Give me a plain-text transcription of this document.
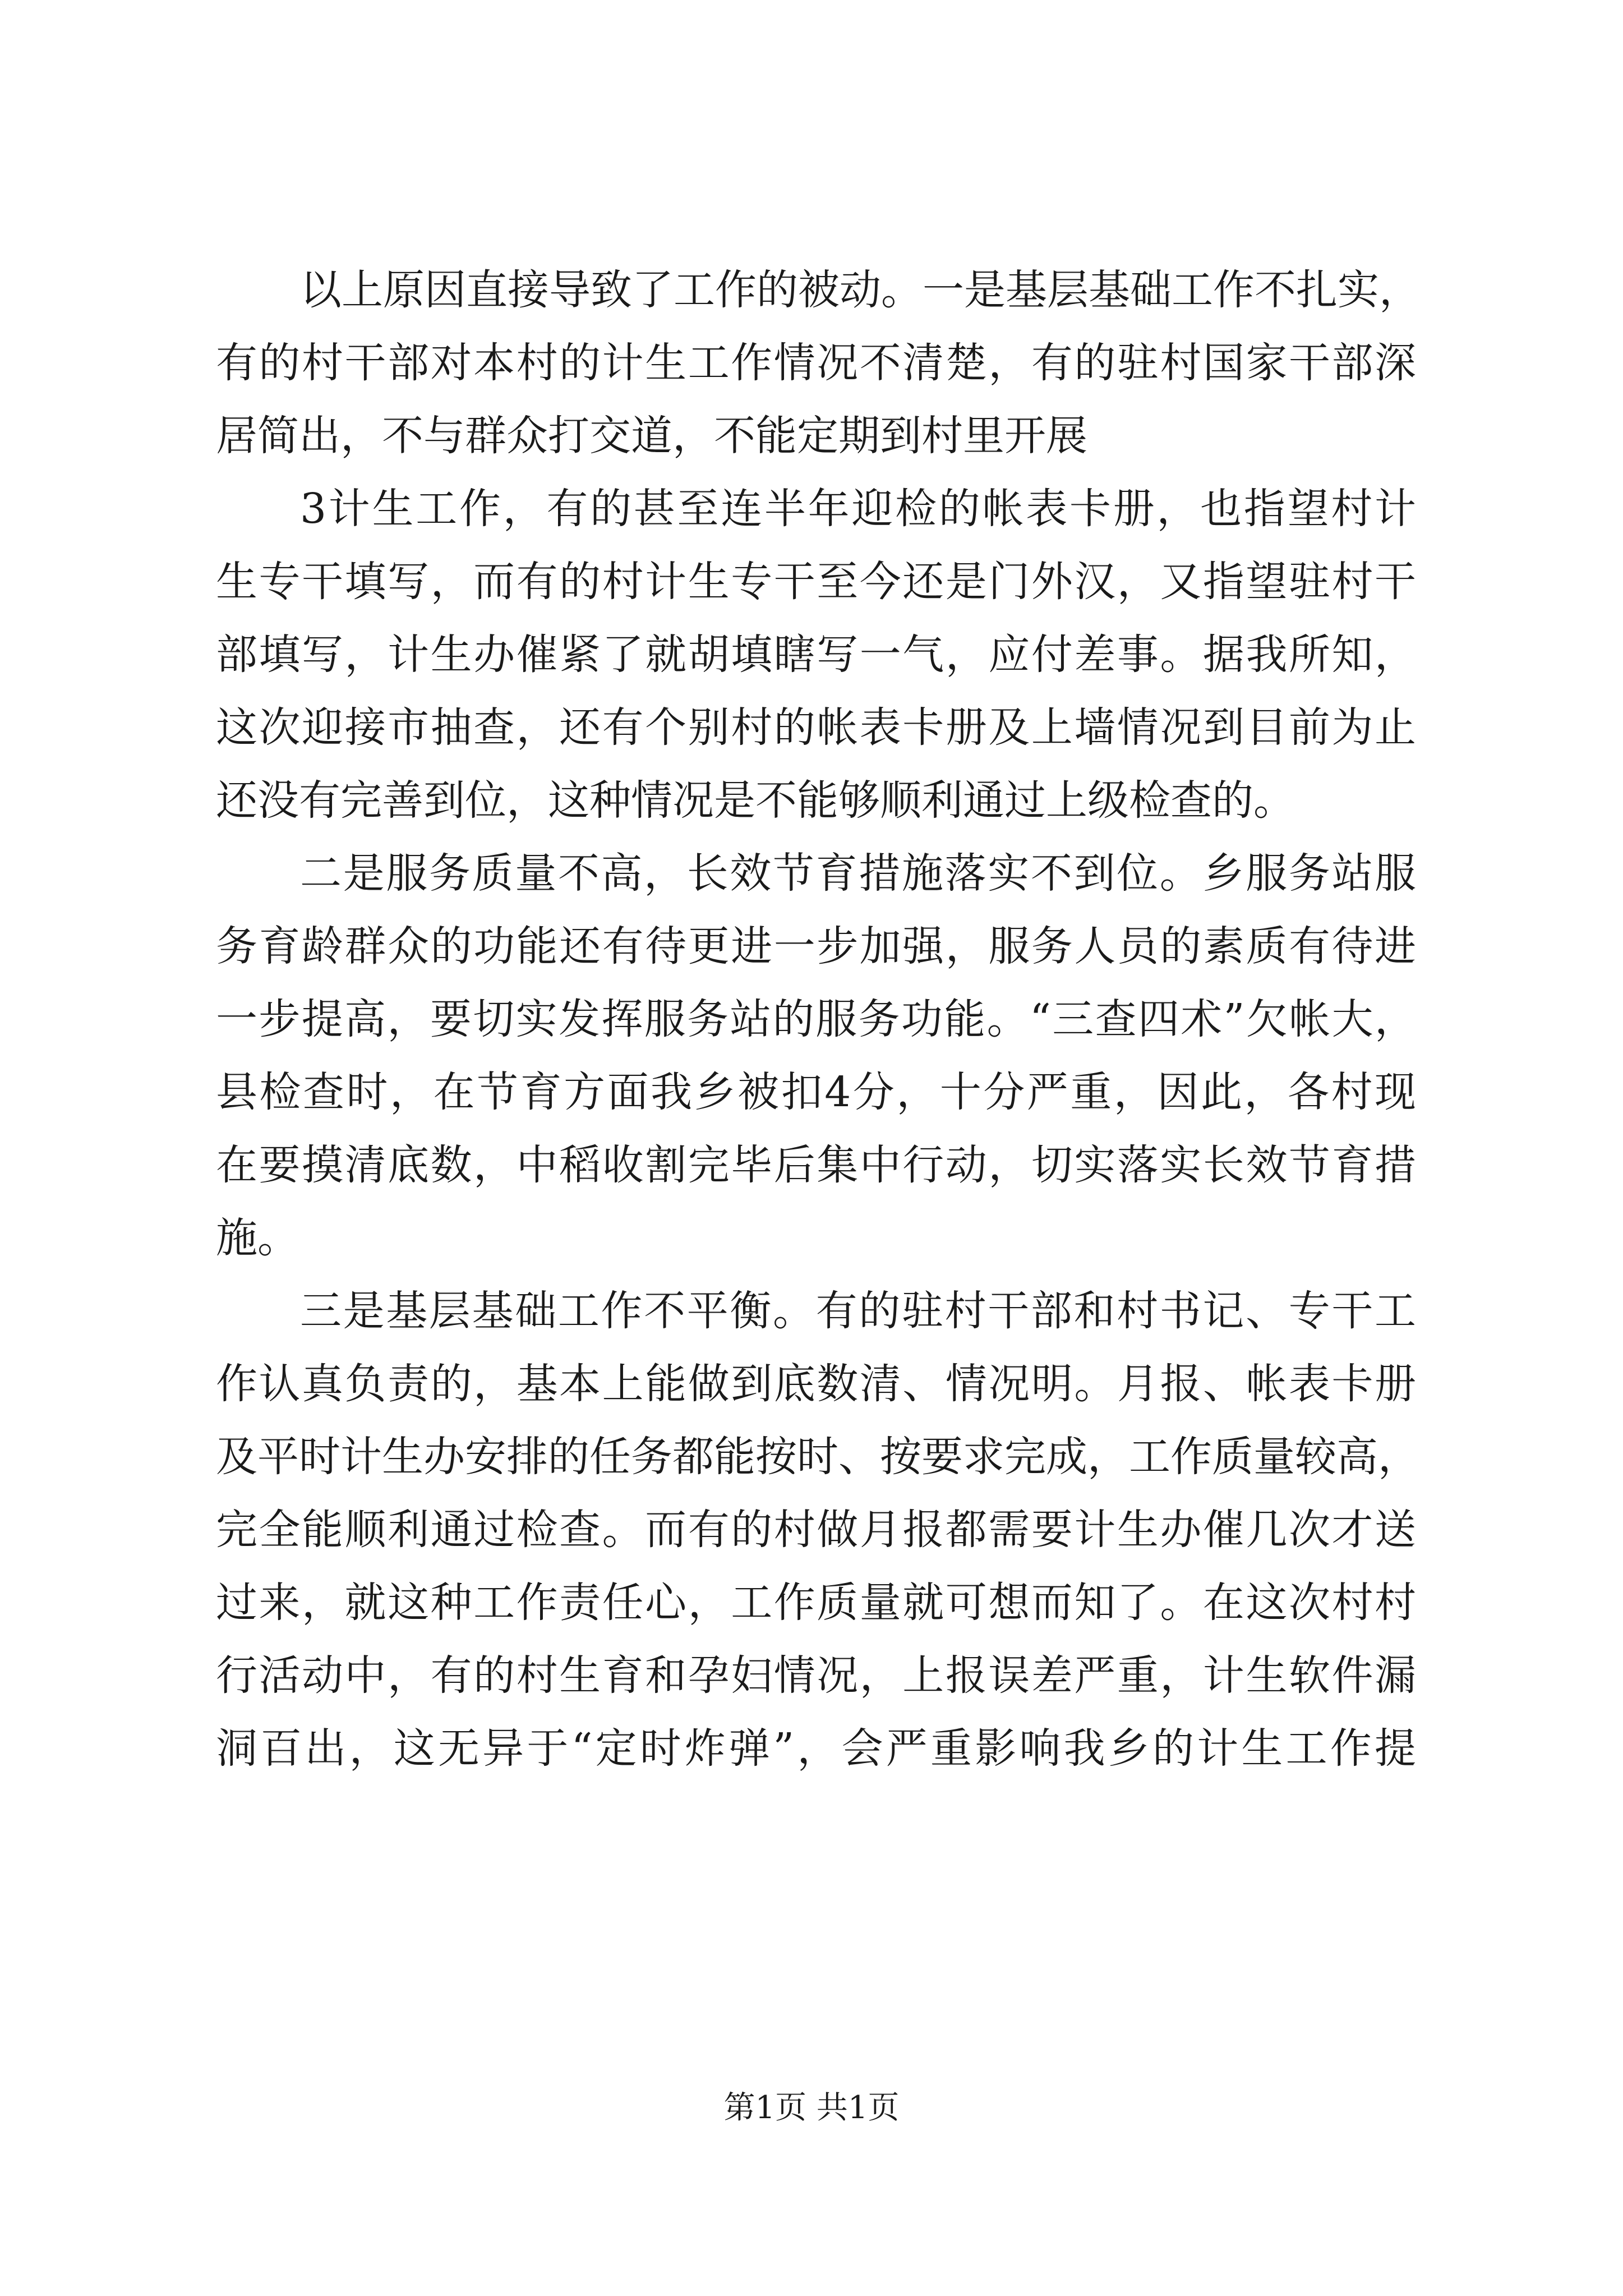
以上原因直接导致了工作的被动。一是基层基础工作不扎实，
有的村干部对本村的计生工作情况不清楚，有的驻村国家干部深
居简出，不与群众打交道，不能定期到村里开展
3计生工作，有的甚至连半年迎检的帐表卡册，也指望村计
生专干填写，而有的村计生专干至今还是门外汉，又指望驻村干
部填写，计生办催紧了就胡填瞎写一气，应付差事。据我所知，
这次迎接市抽查，还有个别村的帐表卡册及上墙情况到目前为止
还没有完善到位，这种情况是不能够顺利通过上级检查的。
二是服务质量不高，长效节育措施落实不到位。乡服务站服
务育龄群众的功能还有待更进一步加强，服务人员的素质有待进
一步提高，要切实发挥服务站的服务功能。“三查四术”欠帐大，
县检查时，在节育方面我乡被扣4分，十分严重，因此，各村现
在要摸清底数，中稻收割完毕后集中行动，切实落实长效节育措
施。
三是基层基础工作不平衡。有的驻村干部和村书记、专干工
作认真负责的，基本上能做到底数清、情况明。月报、帐表卡册
及平时计生办安排的任务都能按时、按要求完成，工作质量较高，
完全能顺利通过检查。而有的村做月报都需要计生办催几次才送
过来，就这种工作责任心，工作质量就可想而知了。在这次村村
行活动中，有的村生育和孕妇情况，上报误差严重，计生软件漏
洞百出，这无异于“定时炸弹”，会严重影响我乡的计生工作提
第1页 共1页
